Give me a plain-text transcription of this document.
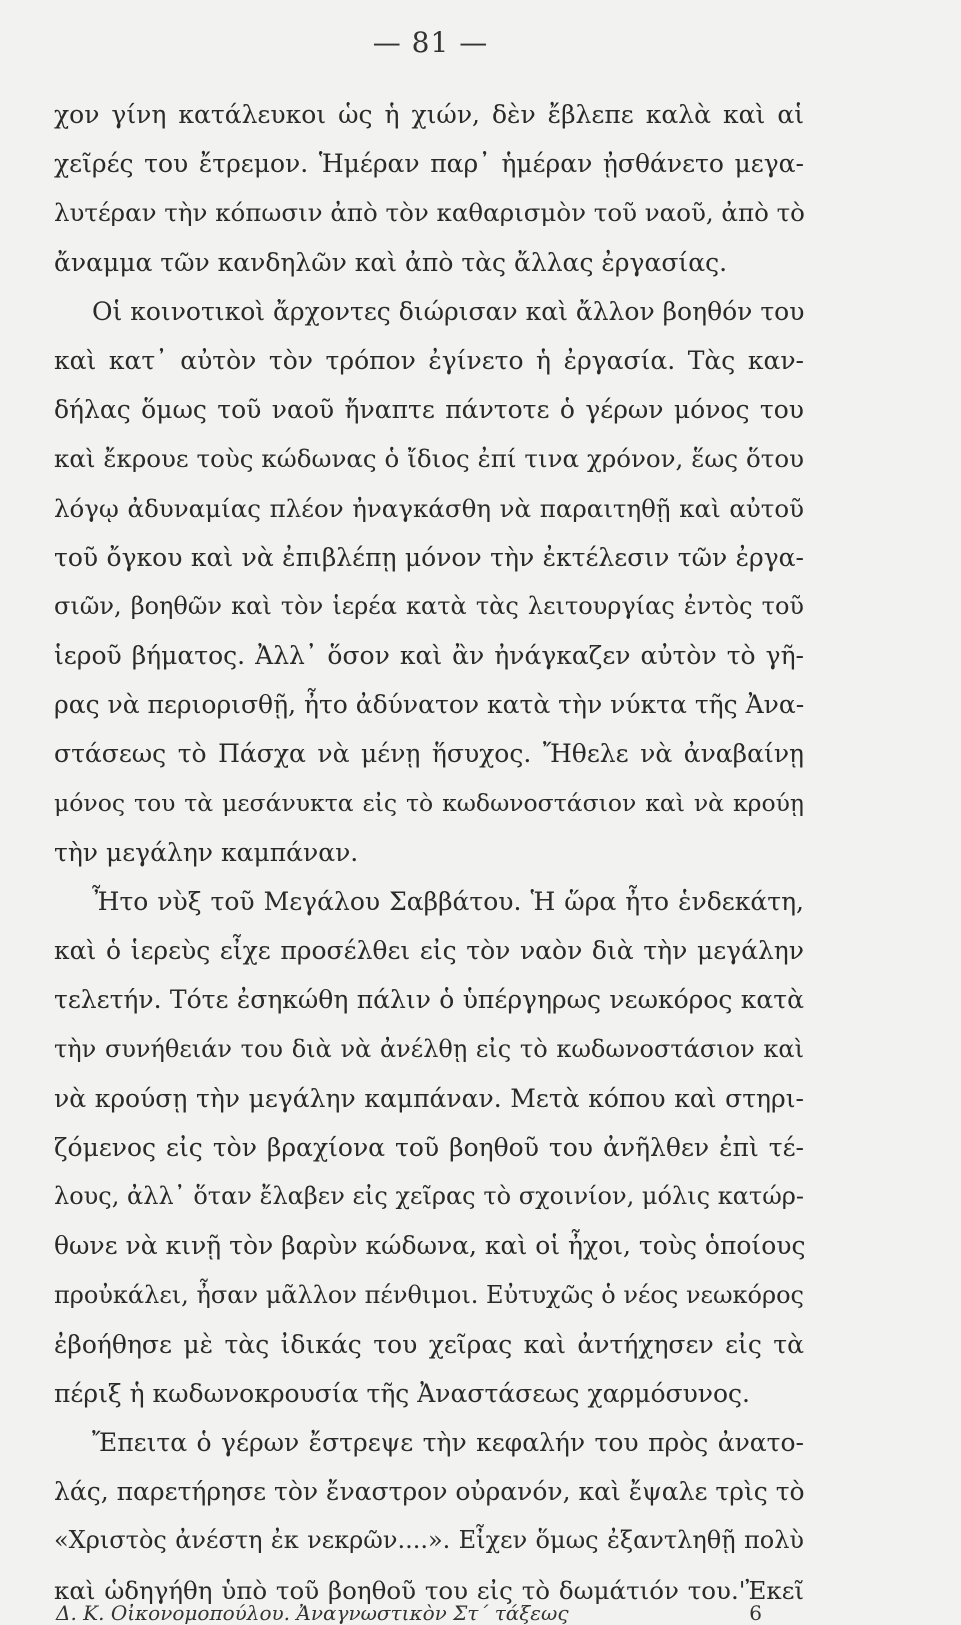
— 81 —
χον γίνη κατάλευκοι ὡς ἡ χιών, δὲν ἔβλεπε καλὰ καὶ αἱ
χεῖρές του ἔτρεμον. Ἡμέραν παρ᾽ ἡμέραν ᾐσθάνετο μεγα-
λυτέραν τὴν κόπωσιν ἀπὸ τὸν καθαρισμὸν τοῦ ναοῦ, ἀπὸ τὸ
ἄναμμα τῶν κανδηλῶν καὶ ἀπὸ τὰς ἄλλας ἐργασίας.
Οἱ κοινοτικοὶ ἄρχοντες διώρισαν καὶ ἄλλον βοηθόν του
καὶ κατ᾽ αὐτὸν τὸν τρόπον ἐγίνετο ἡ ἐργασία. Τὰς καν-
δήλας ὅμως τοῦ ναοῦ ἤναπτε πάντοτε ὁ γέρων μόνος του
καὶ ἔκρουε τοὺς κώδωνας ὁ ἴδιος ἐπί τινα χρόνον, ἕως ὅτου
λόγῳ ἀδυναμίας πλέον ἠναγκάσθη νὰ παραιτηθῇ καὶ αὐτοῦ
τοῦ ὄγκου καὶ νὰ ἐπιβλέπῃ μόνον τὴν ἐκτέλεσιν τῶν ἐργα-
σιῶν, βοηθῶν καὶ τὸν ἱερέα κατὰ τὰς λειτουργίας ἐντὸς τοῦ
ἱεροῦ βήματος. Ἀλλ᾽ ὅσον καὶ ἂν ἠνάγκαζεν αὐτὸν τὸ γῆ-
ρας νὰ περιορισθῇ, ἦτο ἀδύνατον κατὰ τὴν νύκτα τῆς Ἀνα-
στάσεως τὸ Πάσχα νὰ μένῃ ἥσυχος. Ἤθελε νὰ ἀναβαίνῃ
μόνος του τὰ μεσάνυκτα εἰς τὸ κωδωνοστάσιον καὶ νὰ κρούῃ
τὴν μεγάλην καμπάναν.
Ἦτο νὺξ τοῦ Μεγάλου Σαββάτου. Ἡ ὥρα ἦτο ἑνδεκάτη,
καὶ ὁ ἱερεὺς εἶχε προσέλθει εἰς τὸν ναὸν διὰ τὴν μεγάλην
τελετήν. Τότε ἐσηκώθη πάλιν ὁ ὑπέργηρως νεωκόρος κατὰ
τὴν συνήθειάν του διὰ νὰ ἀνέλθῃ εἰς τὸ κωδωνοστάσιον καὶ
νὰ κρούσῃ τὴν μεγάλην καμπάναν. Μετὰ κόπου καὶ στηρι-
ζόμενος εἰς τὸν βραχίονα τοῦ βοηθοῦ του ἀνῆλθεν ἐπὶ τέ-
λους, ἀλλ᾽ ὅταν ἔλαβεν εἰς χεῖρας τὸ σχοινίον, μόλις κατώρ-
θωνε νὰ κινῇ τὸν βαρὺν κώδωνα, καὶ οἱ ἦχοι, τοὺς ὁποίους
προὐκάλει, ἦσαν μᾶλλον πένθιμοι. Εὐτυχῶς ὁ νέος νεωκόρος
ἐβοήθησε μὲ τὰς ἰδικάς του χεῖρας καὶ ἀντήχησεν εἰς τὰ
πέριξ ἡ κωδωνοκρουσία τῆς Ἀναστάσεως χαρμόσυνος.
Ἔπειτα ὁ γέρων ἔστρεψε τὴν κεφαλήν του πρὸς ἀνατο-
λάς, παρετήρησε τὸν ἔναστρον οὐρανόν, καὶ ἔψαλε τρὶς τὸ
«Χριστὸς ἀνέστη ἐκ νεκρῶν....». Εἶχεν ὅμως ἐξαντληθῇ πολὺ
καὶ ὡδηγήθη ὑπὸ τοῦ βοηθοῦ του εἰς τὸ δωμάτιόν του.'Ἐκεῖ
Δ. Κ. Οἰκονομοπούλου. Ἀναγνωστικὸν Στ´ τάξεως	6
